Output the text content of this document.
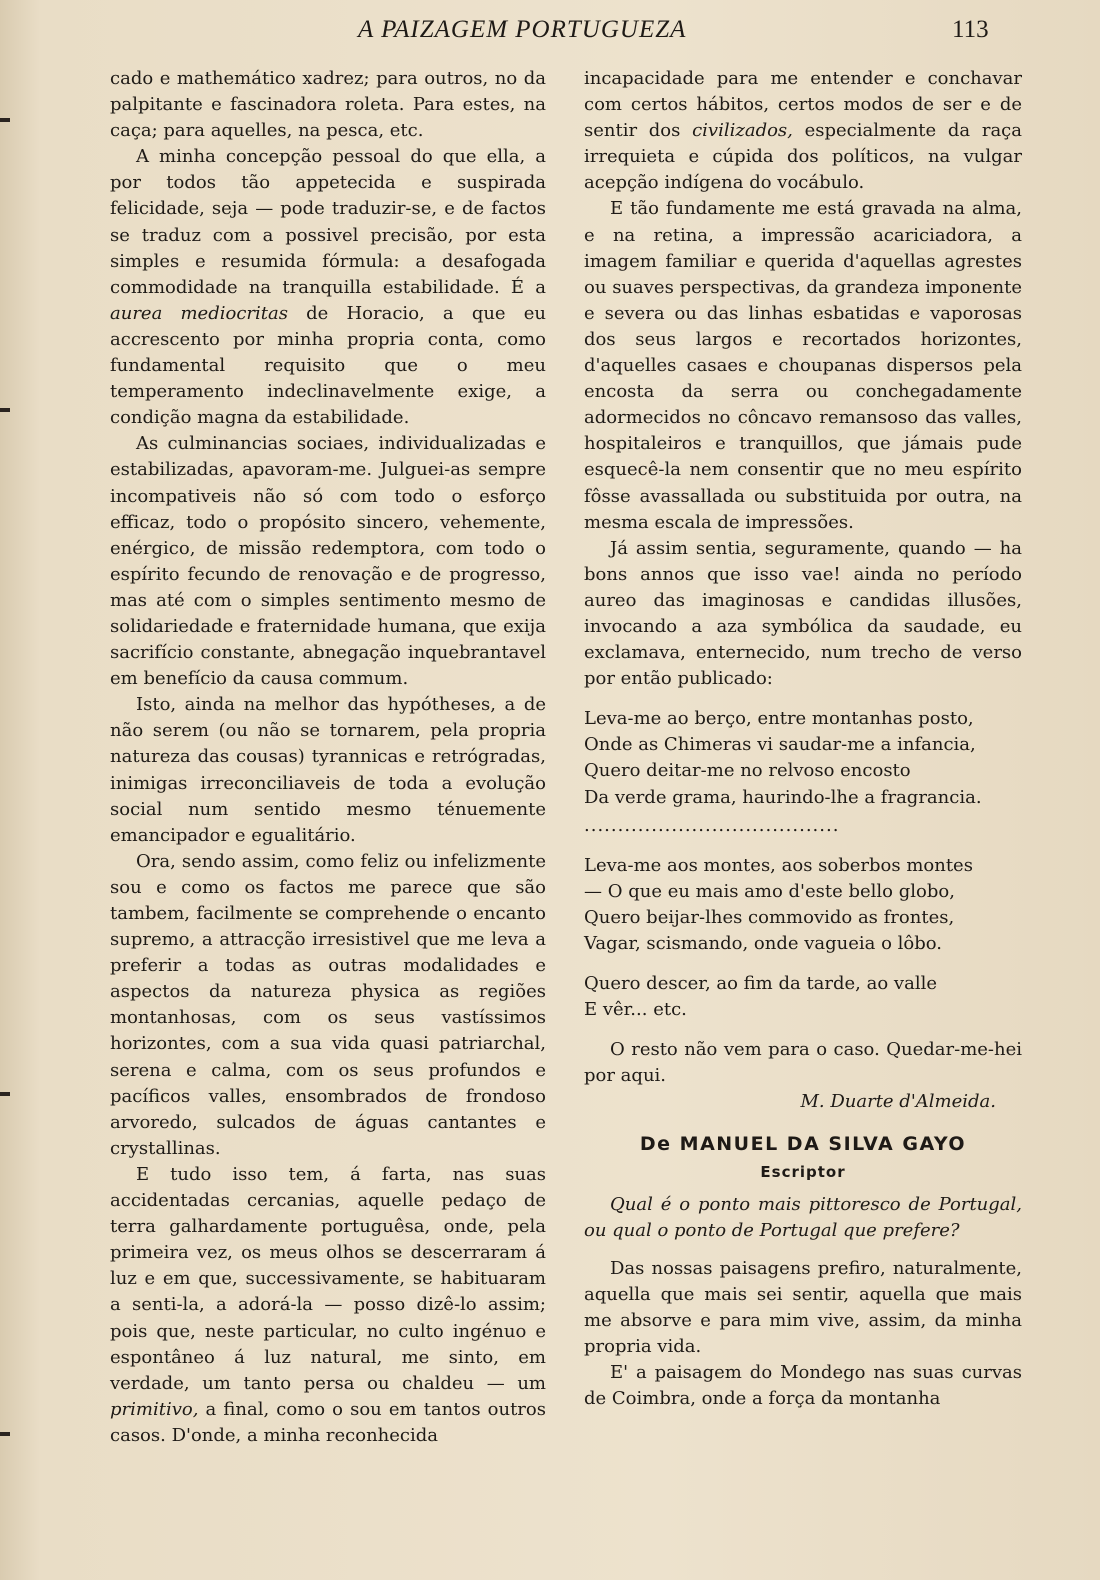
A PAIZAGEM PORTUGUEZA	113

cado e mathemático xadrez; para outros, no da palpitante e fascinadora roleta. Para estes, na caça; para aquelles, na pesca, etc.

A minha concepção pessoal do que ella, a por todos tão appetecida e suspirada felicidade, seja — pode traduzir-se, e de factos se traduz com a possivel precisão, por esta simples e resumida fórmula: a desafogada commodidade na tranquilla estabilidade. É a aurea mediocritas de Horacio, a que eu accrescento por minha propria conta, como fundamental requisito que o meu temperamento indeclinavelmente exige, a condição magna da estabilidade.

As culminancias sociaes, individualizadas e estabilizadas, apavoram-me. Julguei-as sempre incompativeis não só com todo o esforço efficaz, todo o propósito sincero, vehemente, enérgico, de missão redemptora, com todo o espírito fecundo de renovação e de progresso, mas até com o simples sentimento mesmo de solidariedade e fraternidade humana, que exija sacrifício constante, abnegação inquebrantavel em benefício da causa commum.

Isto, ainda na melhor das hypótheses, a de não serem (ou não se tornarem, pela propria natureza das cousas) tyrannicas e retrógradas, inimigas irreconciliaveis de toda a evolução social num sentido mesmo ténuemente emancipador e egualitário.

Ora, sendo assim, como feliz ou infelizmente sou e como os factos me parece que são tambem, facilmente se comprehende o encanto supremo, a attracção irresistivel que me leva a preferir a todas as outras modalidades e aspectos da natureza physica as regiões montanhosas, com os seus vastíssimos horizontes, com a sua vida quasi patriarchal, serena e calma, com os seus profundos e pacíficos valles, ensombrados de frondoso arvoredo, sulcados de águas cantantes e crystallinas.

E tudo isso tem, á farta, nas suas accidentadas cercanias, aquelle pedaço de terra galhardamente portuguêsa, onde, pela primeira vez, os meus olhos se descerraram á luz e em que, successivamente, se habituaram a senti-la, a adorá-la — posso dizê-lo assim; pois que, neste particular, no culto ingénuo e espontâneo á luz natural, me sinto, em verdade, um tanto persa ou chaldeu — um primitivo, a final, como o sou em tantos outros casos. D'onde, a minha reconhecida

incapacidade para me entender e conchavar com certos hábitos, certos modos de ser e de sentir dos civilizados, especialmente da raça irrequieta e cúpida dos políticos, na vulgar acepção indígena do vocábulo.

E tão fundamente me está gravada na alma, e na retina, a impressão acariciadora, a imagem familiar e querida d'aquellas agrestes ou suaves perspectivas, da grandeza imponente e severa ou das linhas esbatidas e vaporosas dos seus largos e recortados horizontes, d'aquelles casaes e choupanas dispersos pela encosta da serra ou conchegadamente adormecidos no côncavo remansoso das valles, hospitaleiros e tranquillos, que jámais pude esquecê-la nem consentir que no meu espírito fôsse avassallada ou substituida por outra, na mesma escala de impressões.

Já assim sentia, seguramente, quando — ha bons annos que isso vae! ainda no período aureo das imaginosas e candidas illusões, invocando a aza symbólica da saudade, eu exclamava, enternecido, num trecho de verso por então publicado:

Leva-me ao berço, entre montanhas posto,
Onde as Chimeras vi saudar-me a infancia,
Quero deitar-me no relvoso encosto
Da verde grama, haurindo-lhe a fragrancia.
......................................
Leva-me aos montes, aos soberbos montes
— O que eu mais amo d'este bello globo,
Quero beijar-lhes commovido as frontes,
Vagar, scismando, onde vagueia o lôbo.
Quero descer, ao fim da tarde, ao valle
E vêr... etc.

O resto não vem para o caso. Quedar-me-hei por aqui.

M. Duarte d'Almeida.
De MANUEL DA SILVA GAYO
Escriptor

Qual é o ponto mais pittoresco de Portugal, ou qual o ponto de Portugal que prefere?

Das nossas paisagens prefiro, naturalmente, aquella que mais sei sentir, aquella que mais me absorve e para mim vive, assim, da minha propria vida.

E' a paisagem do Mondego nas suas curvas de Coimbra, onde a força da montanha
